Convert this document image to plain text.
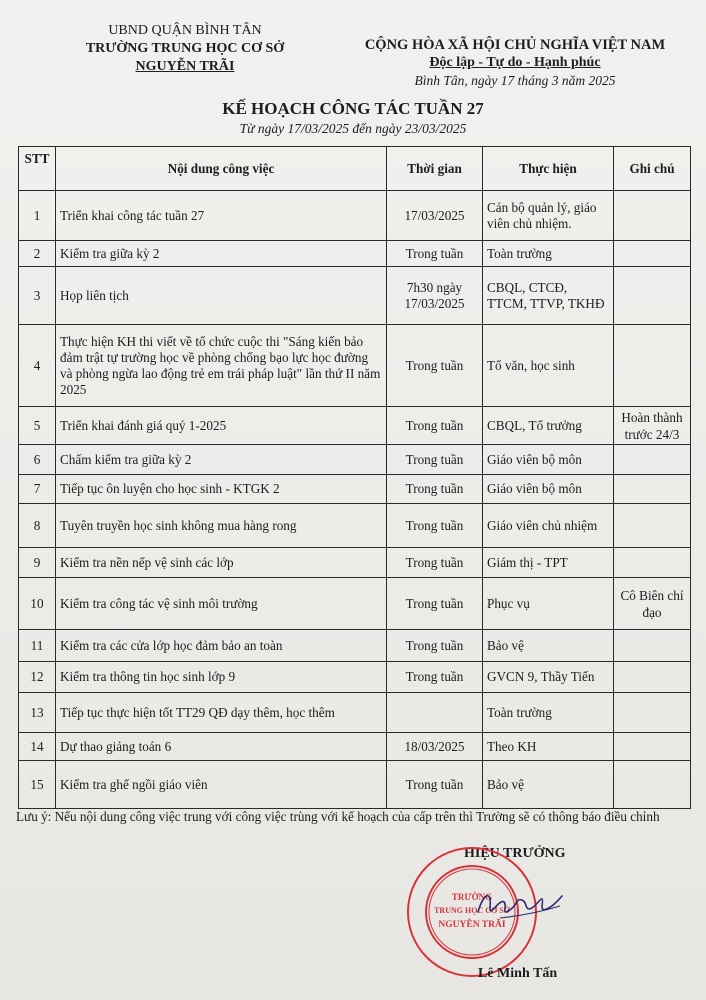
UBND QUẬN BÌNH TÂN
TRƯỜNG TRUNG HỌC CƠ SỞ
NGUYỄN TRÃI
CỘNG HÒA XÃ HỘI CHỦ NGHĨA VIỆT NAM
Độc lập - Tự do - Hạnh phúc
Bình Tân, ngày 17 tháng 3 năm 2025
KẾ HOẠCH CÔNG TÁC TUẦN 27
Từ ngày 17/03/2025 đến ngày 23/03/2025
STT	Nội dung công việc	Thời gian	Thực hiện	Ghi chú
1	Triển khai công tác tuần 27	17/03/2025	Cán bộ quản lý, giáo viên chủ nhiệm.	
2	Kiểm tra giữa kỳ 2	Trong tuần	Toàn trường	
3	Họp liên tịch	7h30 ngày 17/03/2025	CBQL, CTCĐ, TTCM, TTVP, TKHĐ	
4	Thực hiện KH thi viết về tổ chức cuộc thi "Sáng kiến bảo đảm trật tự trường học về phòng chống bạo lực học đường và phòng ngừa lao động trẻ em trái pháp luật" lần thứ II năm 2025	Trong tuần	Tổ văn, học sinh	
5	Triển khai đánh giá quý 1-2025	Trong tuần	CBQL, Tổ trưởng	Hoàn thành trước 24/3
6	Chấm kiểm tra giữa kỳ 2	Trong tuần	Giáo viên bộ môn	
7	Tiếp tục ôn luyện cho học sinh - KTGK 2	Trong tuần	Giáo viên bộ môn	
8	Tuyên truyền học sinh không mua hàng rong	Trong tuần	Giáo viên chủ nhiệm	
9	Kiểm tra nền nếp vệ sinh các lớp	Trong tuần	Giám thị - TPT	
10	Kiểm tra công tác vệ sinh môi trường	Trong tuần	Phục vụ	Cô Biên chỉ đạo
11	Kiểm tra các cửa lớp học đảm bảo an toàn	Trong tuần	Bảo vệ	
12	Kiểm tra thông tin học sinh lớp 9	Trong tuần	GVCN 9, Thầy Tiến	
13	Tiếp tục thực hiện tốt TT29 QĐ dạy thêm, học thêm		Toàn trường	
14	Dự thao giảng toán 6	18/03/2025	Theo KH	
15	Kiểm tra ghế ngồi giáo viên	Trong tuần	Bảo vệ	
Lưu ý: Nếu nội dung công việc trung với công việc trùng với kế hoạch của cấp trên thì Trường sẽ có thông báo điều chỉnh
HIỆU TRƯỞNG
TRƯỜNG
TRUNG HỌC CƠ SỞ
NGUYỄN TRÃI
Lê Minh Tấn
